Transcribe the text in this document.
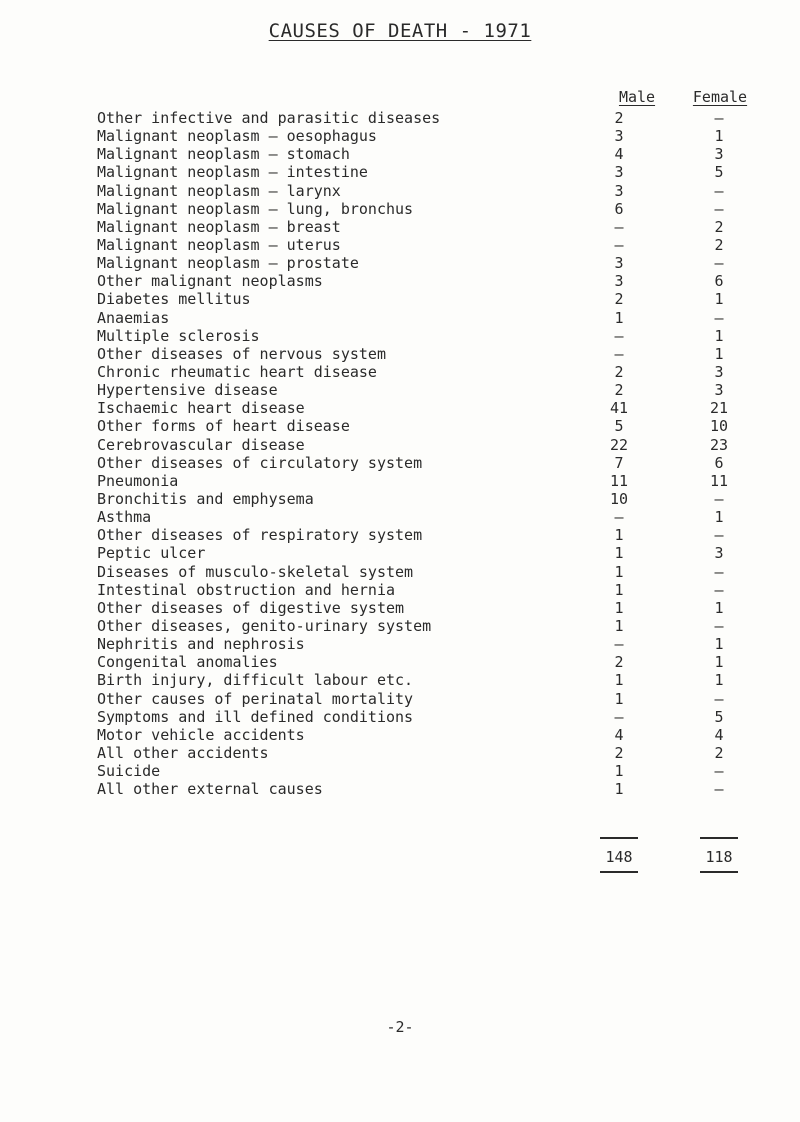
CAUSES OF DEATH - 1971
Male	Female
Other infective and parasitic diseases	2	–
Malignant neoplasm – oesophagus	3	1
Malignant neoplasm – stomach	4	3
Malignant neoplasm – intestine	3	5
Malignant neoplasm – larynx	3	–
Malignant neoplasm – lung, bronchus	6	–
Malignant neoplasm – breast	–	2
Malignant neoplasm – uterus	–	2
Malignant neoplasm – prostate	3	–
Other malignant neoplasms	3	6
Diabetes mellitus	2	1
Anaemias	1	–
Multiple sclerosis	–	1
Other diseases of nervous system	–	1
Chronic rheumatic heart disease	2	3
Hypertensive disease	2	3
Ischaemic heart disease	41	21
Other forms of heart disease	5	10
Cerebrovascular disease	22	23
Other diseases of circulatory system	7	6
Pneumonia	11	11
Bronchitis and emphysema	10	–
Asthma	–	1
Other diseases of respiratory system	1	–
Peptic ulcer	1	3
Diseases of musculo-skeletal system	1	–
Intestinal obstruction and hernia	1	–
Other diseases of digestive system	1	1
Other diseases, genito-urinary system	1	–
Nephritis and nephrosis	–	1
Congenital anomalies	2	1
Birth injury, difficult labour etc.	1	1
Other causes of perinatal mortality	1	–
Symptoms and ill defined conditions	–	5
Motor vehicle accidents	4	4
All other accidents	2	2
Suicide	1	–
All other external causes	1	–
148	118
-2-
